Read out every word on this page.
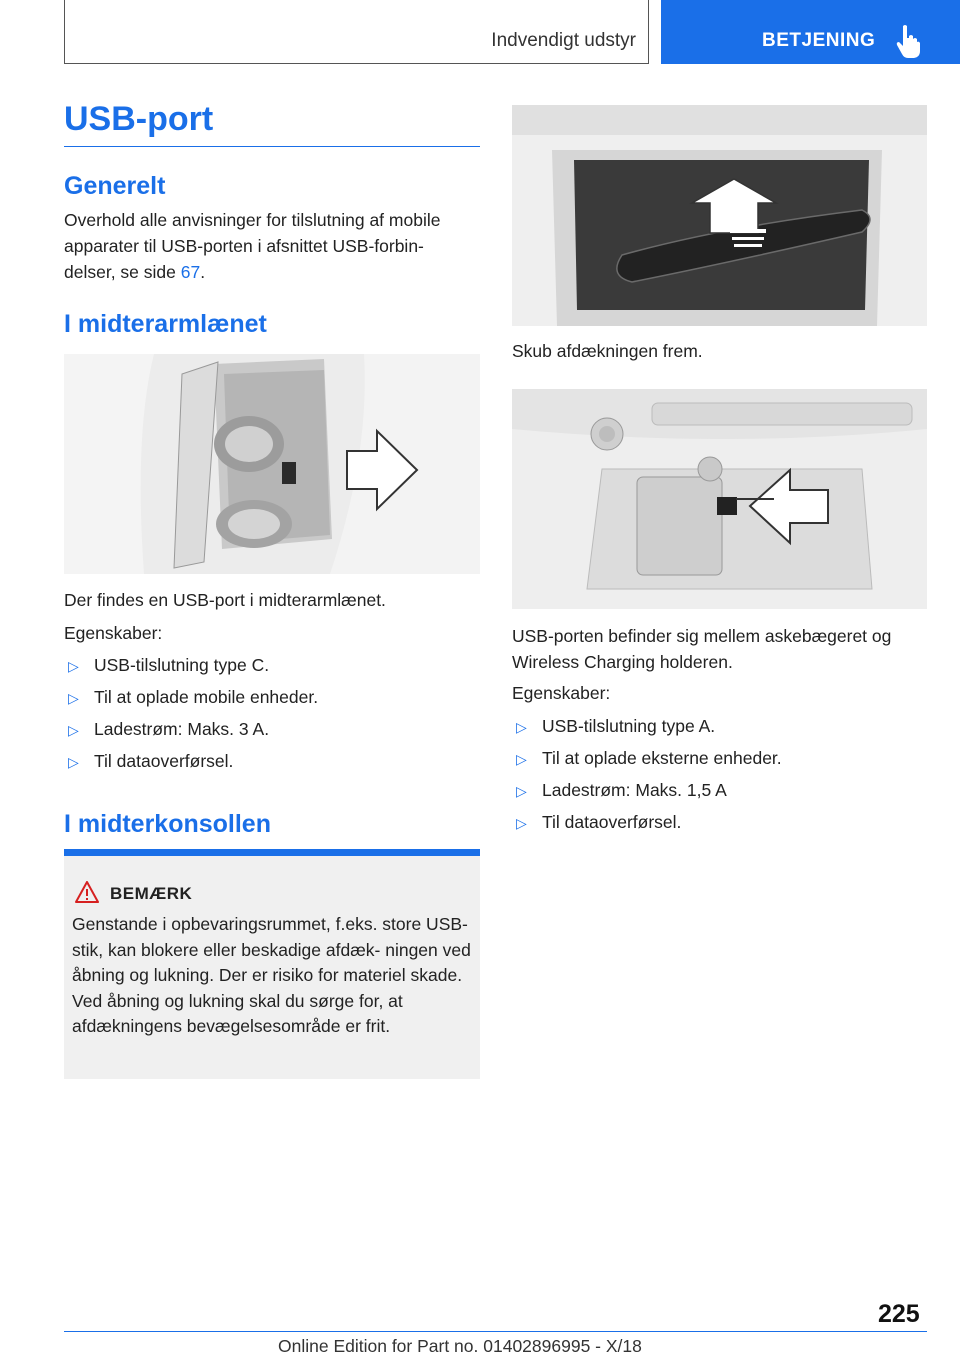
Indvendigt udstyr	BETJENING
USB-port
Generelt

Overhold alle anvisninger for tilslutning af mobile apparater til USB-porten i afsnittet USB-forbin‐ delser, se side 67.

I midterarmlænet

Der findes en USB-port i midterarmlænet.

Egenskaber:

▷ USB-tilslutning type C.
▷ Til at oplade mobile enheder.
▷ Ladestrøm: Maks. 3 A.
▷ Til dataoverførsel.
I midterkonsollen
BEMÆRK

Genstande i opbevaringsrummet, f.eks. store USB-stik, kan blokere eller beskadige afdæk‐ ningen ved åbning og lukning. Der er risiko for materiel skade. Ved åbning og lukning skal du sørge for, at afdækningens bevægelsesområde er frit.

Skub afdækningen frem.

USB-porten befinder sig mellem askebægeret og Wireless Charging holderen.

Egenskaber:

▷ USB-tilslutning type A.
▷ Til at oplade eksterne enheder.
▷ Ladestrøm: Maks. 1,5 A
▷ Til dataoverførsel.
225
Online Edition for Part no. 01402896995 - X/18
